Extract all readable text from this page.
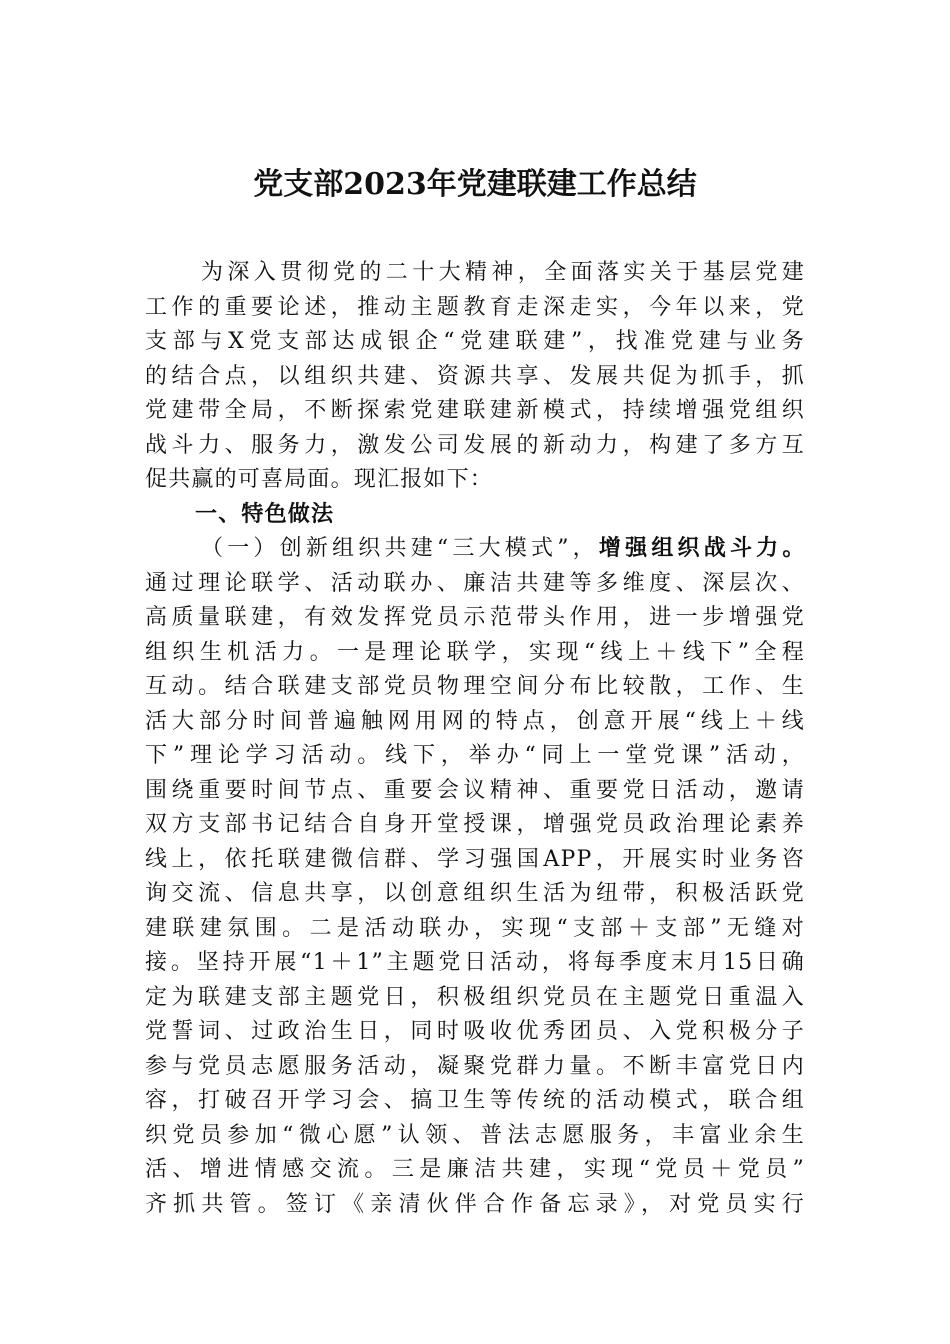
党支部2023年党建联建工作总结
为深入贯彻党的二十大精神，全面落实关于基层党建
工作的重要论述，推动主题教育走深走实，今年以来，党
支部与X党支部达成银企“党建联建”，找准党建与业务
的结合点，以组织共建、资源共享、发展共促为抓手，抓
党建带全局，不断探索党建联建新模式，持续增强党组织
战斗力、服务力，激发公司发展的新动力，构建了多方互
促共赢的可喜局面。现汇报如下：
一、特色做法
（一）创新组织共建“三大模式”，增强组织战斗力。
通过理论联学、活动联办、廉洁共建等多维度、深层次、
高质量联建，有效发挥党员示范带头作用，进一步增强党
组织生机活力。一是理论联学，实现“线上＋线下”全程
互动。结合联建支部党员物理空间分布比较散，工作、生
活大部分时间普遍触网用网的特点，创意开展“线上＋线
下”理论学习活动。线下，举办“同上一堂党课”活动，
围绕重要时间节点、重要会议精神、重要党日活动，邀请
双方支部书记结合自身开堂授课，增强党员政治理论素养
线上，依托联建微信群、学习强国APP，开展实时业务咨
询交流、信息共享，以创意组织生活为纽带，积极活跃党
建联建氛围。二是活动联办，实现“支部＋支部”无缝对
接。坚持开展“1＋1”主题党日活动，将每季度末月15日确
定为联建支部主题党日，积极组织党员在主题党日重温入
党誓词、过政治生日，同时吸收优秀团员、入党积极分子
参与党员志愿服务活动，凝聚党群力量。不断丰富党日内
容，打破召开学习会、搞卫生等传统的活动模式，联合组
织党员参加“微心愿”认领、普法志愿服务，丰富业余生
活、增进情感交流。三是廉洁共建，实现“党员＋党员”
齐抓共管。签订《亲清伙伴合作备忘录》，对党员实行
